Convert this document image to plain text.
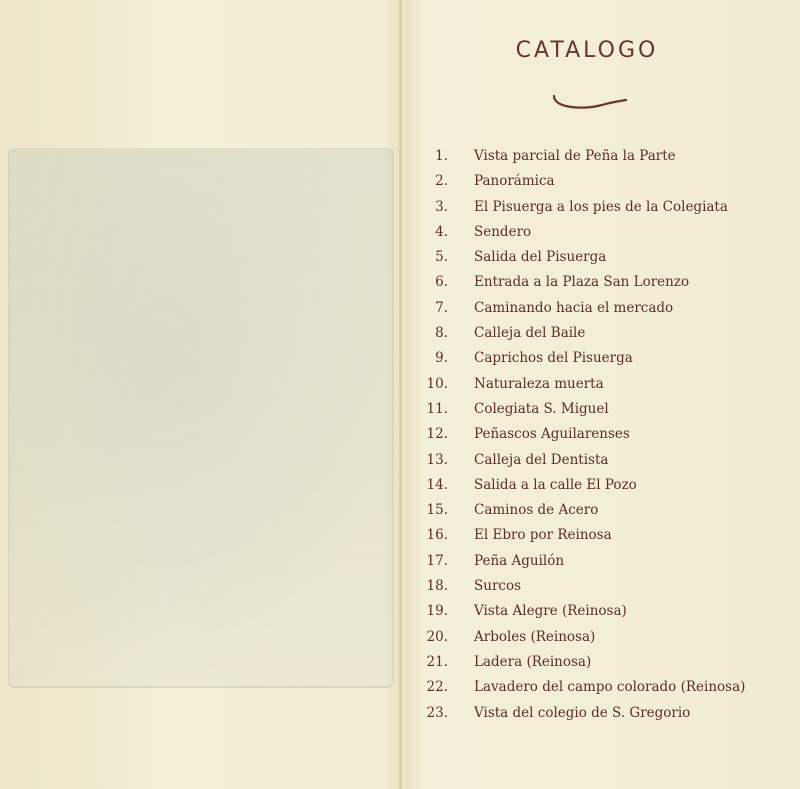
CATALOGO
1. Vista parcial de Peña la Parte
2. Panorámica
3. El Pisuerga a los pies de la Colegiata
4. Sendero
5. Salida del Pisuerga
6. Entrada a la Plaza San Lorenzo
7. Caminando hacia el mercado
8. Calleja del Baile
9. Caprichos del Pisuerga
10. Naturaleza muerta
11. Colegiata S. Miguel
12. Peñascos Aguilarenses
13. Calleja del Dentista
14. Salida a la calle El Pozo
15. Caminos de Acero
16. El Ebro por Reinosa
17. Peña Aguilón
18. Surcos
19. Vista Alegre (Reinosa)
20. Arboles (Reinosa)
21. Ladera (Reinosa)
22. Lavadero del campo colorado (Reinosa)
23. Vista del colegio de S. Gregorio
